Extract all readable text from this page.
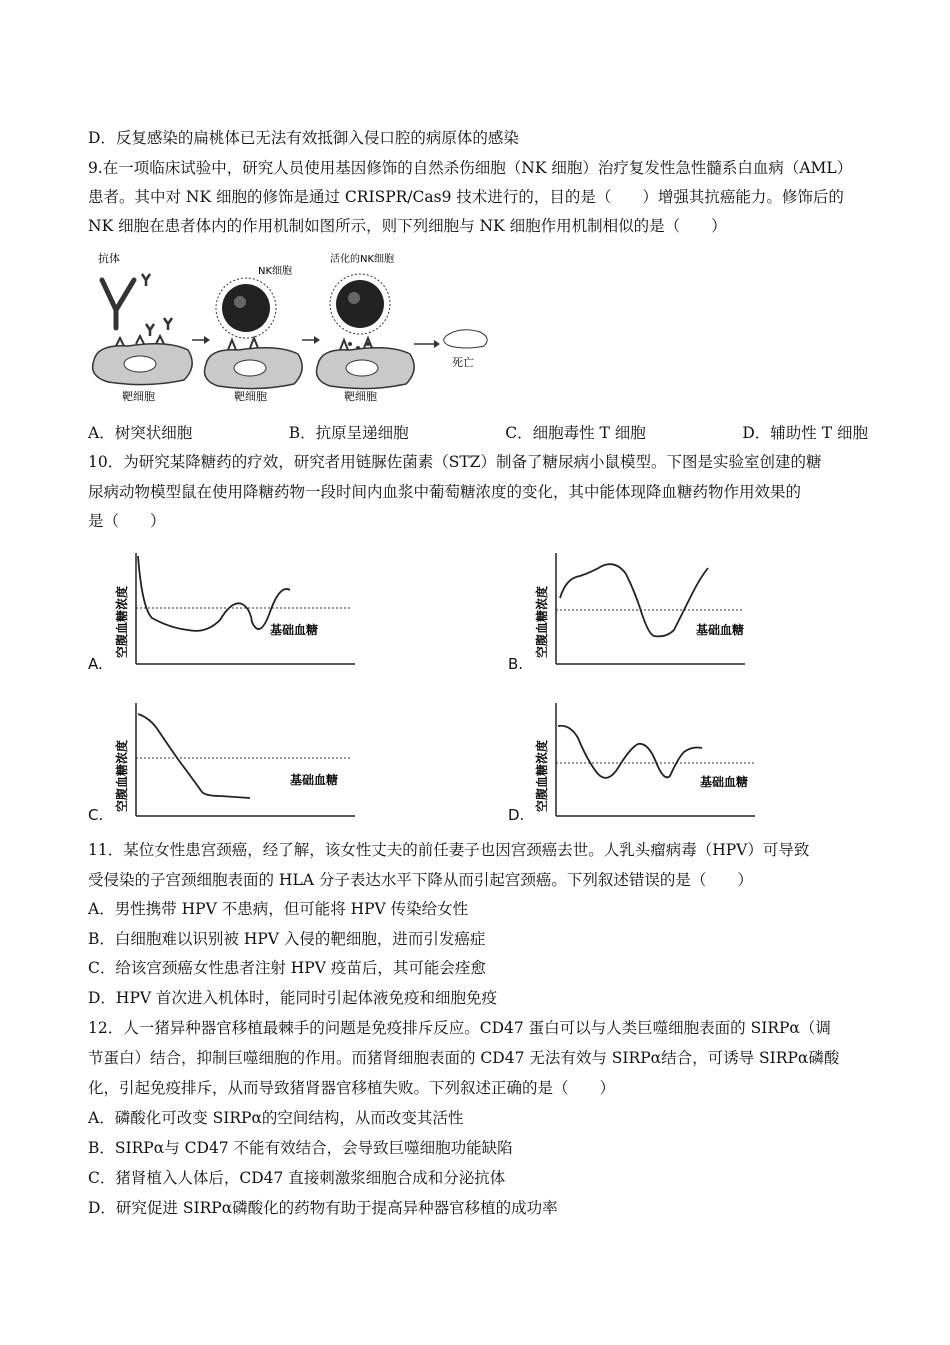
D．反复感染的扁桃体已无法有效抵御入侵口腔的病原体的感染
9.在一项临床试验中，研究人员使用基因修饰的自然杀伤细胞（NK 细胞）治疗复发性急性髓系白血病（AML）
患者。其中对 NK 细胞的修饰是通过 CRISPR/Cas9 技术进行的，目的是（　　）增强其抗癌能力。修饰后的
NK 细胞在患者体内的作用机制如图所示，则下列细胞与 NK 细胞作用机制相似的是（　　）
抗体
NK细胞
活化的NK细胞
靶细胞	靶细胞	靶细胞
死亡
A．树突状细胞	B．抗原呈递细胞	C．细胞毒性 T 细胞	D．辅助性 T 细胞
10．为研究某降糖药的疗效，研究者用链脲佐菌素（STZ）制备了糖尿病小鼠模型。下图是实验室创建的糖
尿病动物模型鼠在使用降糖药物一段时间内血浆中葡萄糖浓度的变化，其中能体现降血糖药物作用效果的
是（　　）
A.
空腹血糖浓度	基础血糖
B.
空腹血糖浓度	基础血糖
C.
空腹血糖浓度	基础血糖
D.
空腹血糖浓度	基础血糖
11．某位女性患宫颈癌，经了解，该女性丈夫的前任妻子也因宫颈癌去世。人乳头瘤病毒（HPV）可导致
受侵染的子宫颈细胞表面的 HLA 分子表达水平下降从而引起宫颈癌。下列叙述错误的是（　　）
A．男性携带 HPV 不患病，但可能将 HPV 传染给女性
B．白细胞难以识别被 HPV 入侵的靶细胞，进而引发癌症
C．给该宫颈癌女性患者注射 HPV 疫苗后，其可能会痊愈
D．HPV 首次进入机体时，能同时引起体液免疫和细胞免疫
12．人一猪异种器官移植最棘手的问题是免疫排斥反应。CD47 蛋白可以与人类巨噬细胞表面的 SIRPα（调
节蛋白）结合，抑制巨噬细胞的作用。而猪肾细胞表面的 CD47 无法有效与 SIRPα结合，可诱导 SIRPα磷酸
化，引起免疫排斥，从而导致猪肾器官移植失败。下列叙述正确的是（　　）
A．磷酸化可改变 SIRPα的空间结构，从而改变其活性
B．SIRPα与 CD47 不能有效结合，会导致巨噬细胞功能缺陷
C．猪肾植入人体后，CD47 直接刺激浆细胞合成和分泌抗体
D．研究促进 SIRPα磷酸化的药物有助于提高异种器官移植的成功率
